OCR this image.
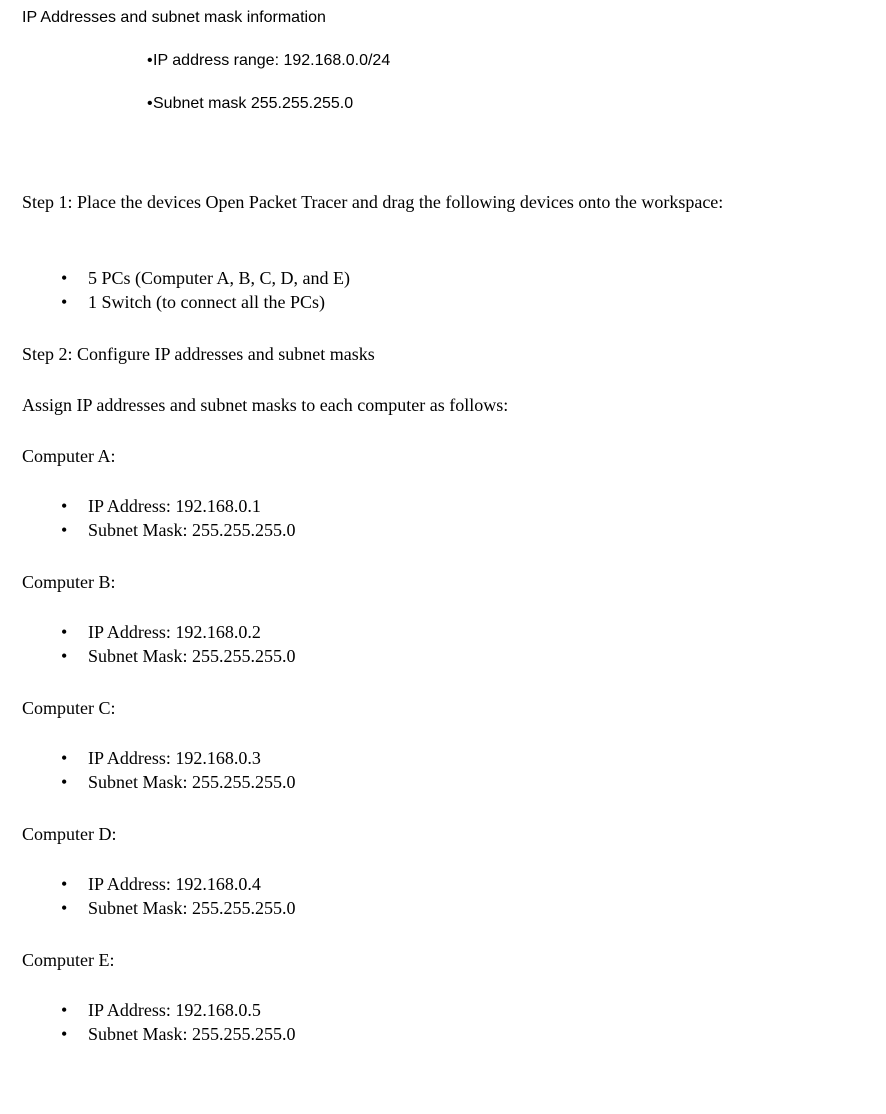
IP Addresses and subnet mask information
• IP address range: 192.168.0.0/24
• Subnet mask 255.255.255.0
Step 1: Place the devices Open Packet Tracer and drag the following devices onto the workspace:
• 5 PCs (Computer A, B, C, D, and E)
• 1 Switch (to connect all the PCs)
Step 2: Configure IP addresses and subnet masks
Assign IP addresses and subnet masks to each computer as follows:
Computer A:
• IP Address: 192.168.0.1
• Subnet Mask: 255.255.255.0
Computer B:
• IP Address: 192.168.0.2
• Subnet Mask: 255.255.255.0
Computer C:
• IP Address: 192.168.0.3
• Subnet Mask: 255.255.255.0
Computer D:
• IP Address: 192.168.0.4
• Subnet Mask: 255.255.255.0
Computer E:
• IP Address: 192.168.0.5
• Subnet Mask: 255.255.255.0
